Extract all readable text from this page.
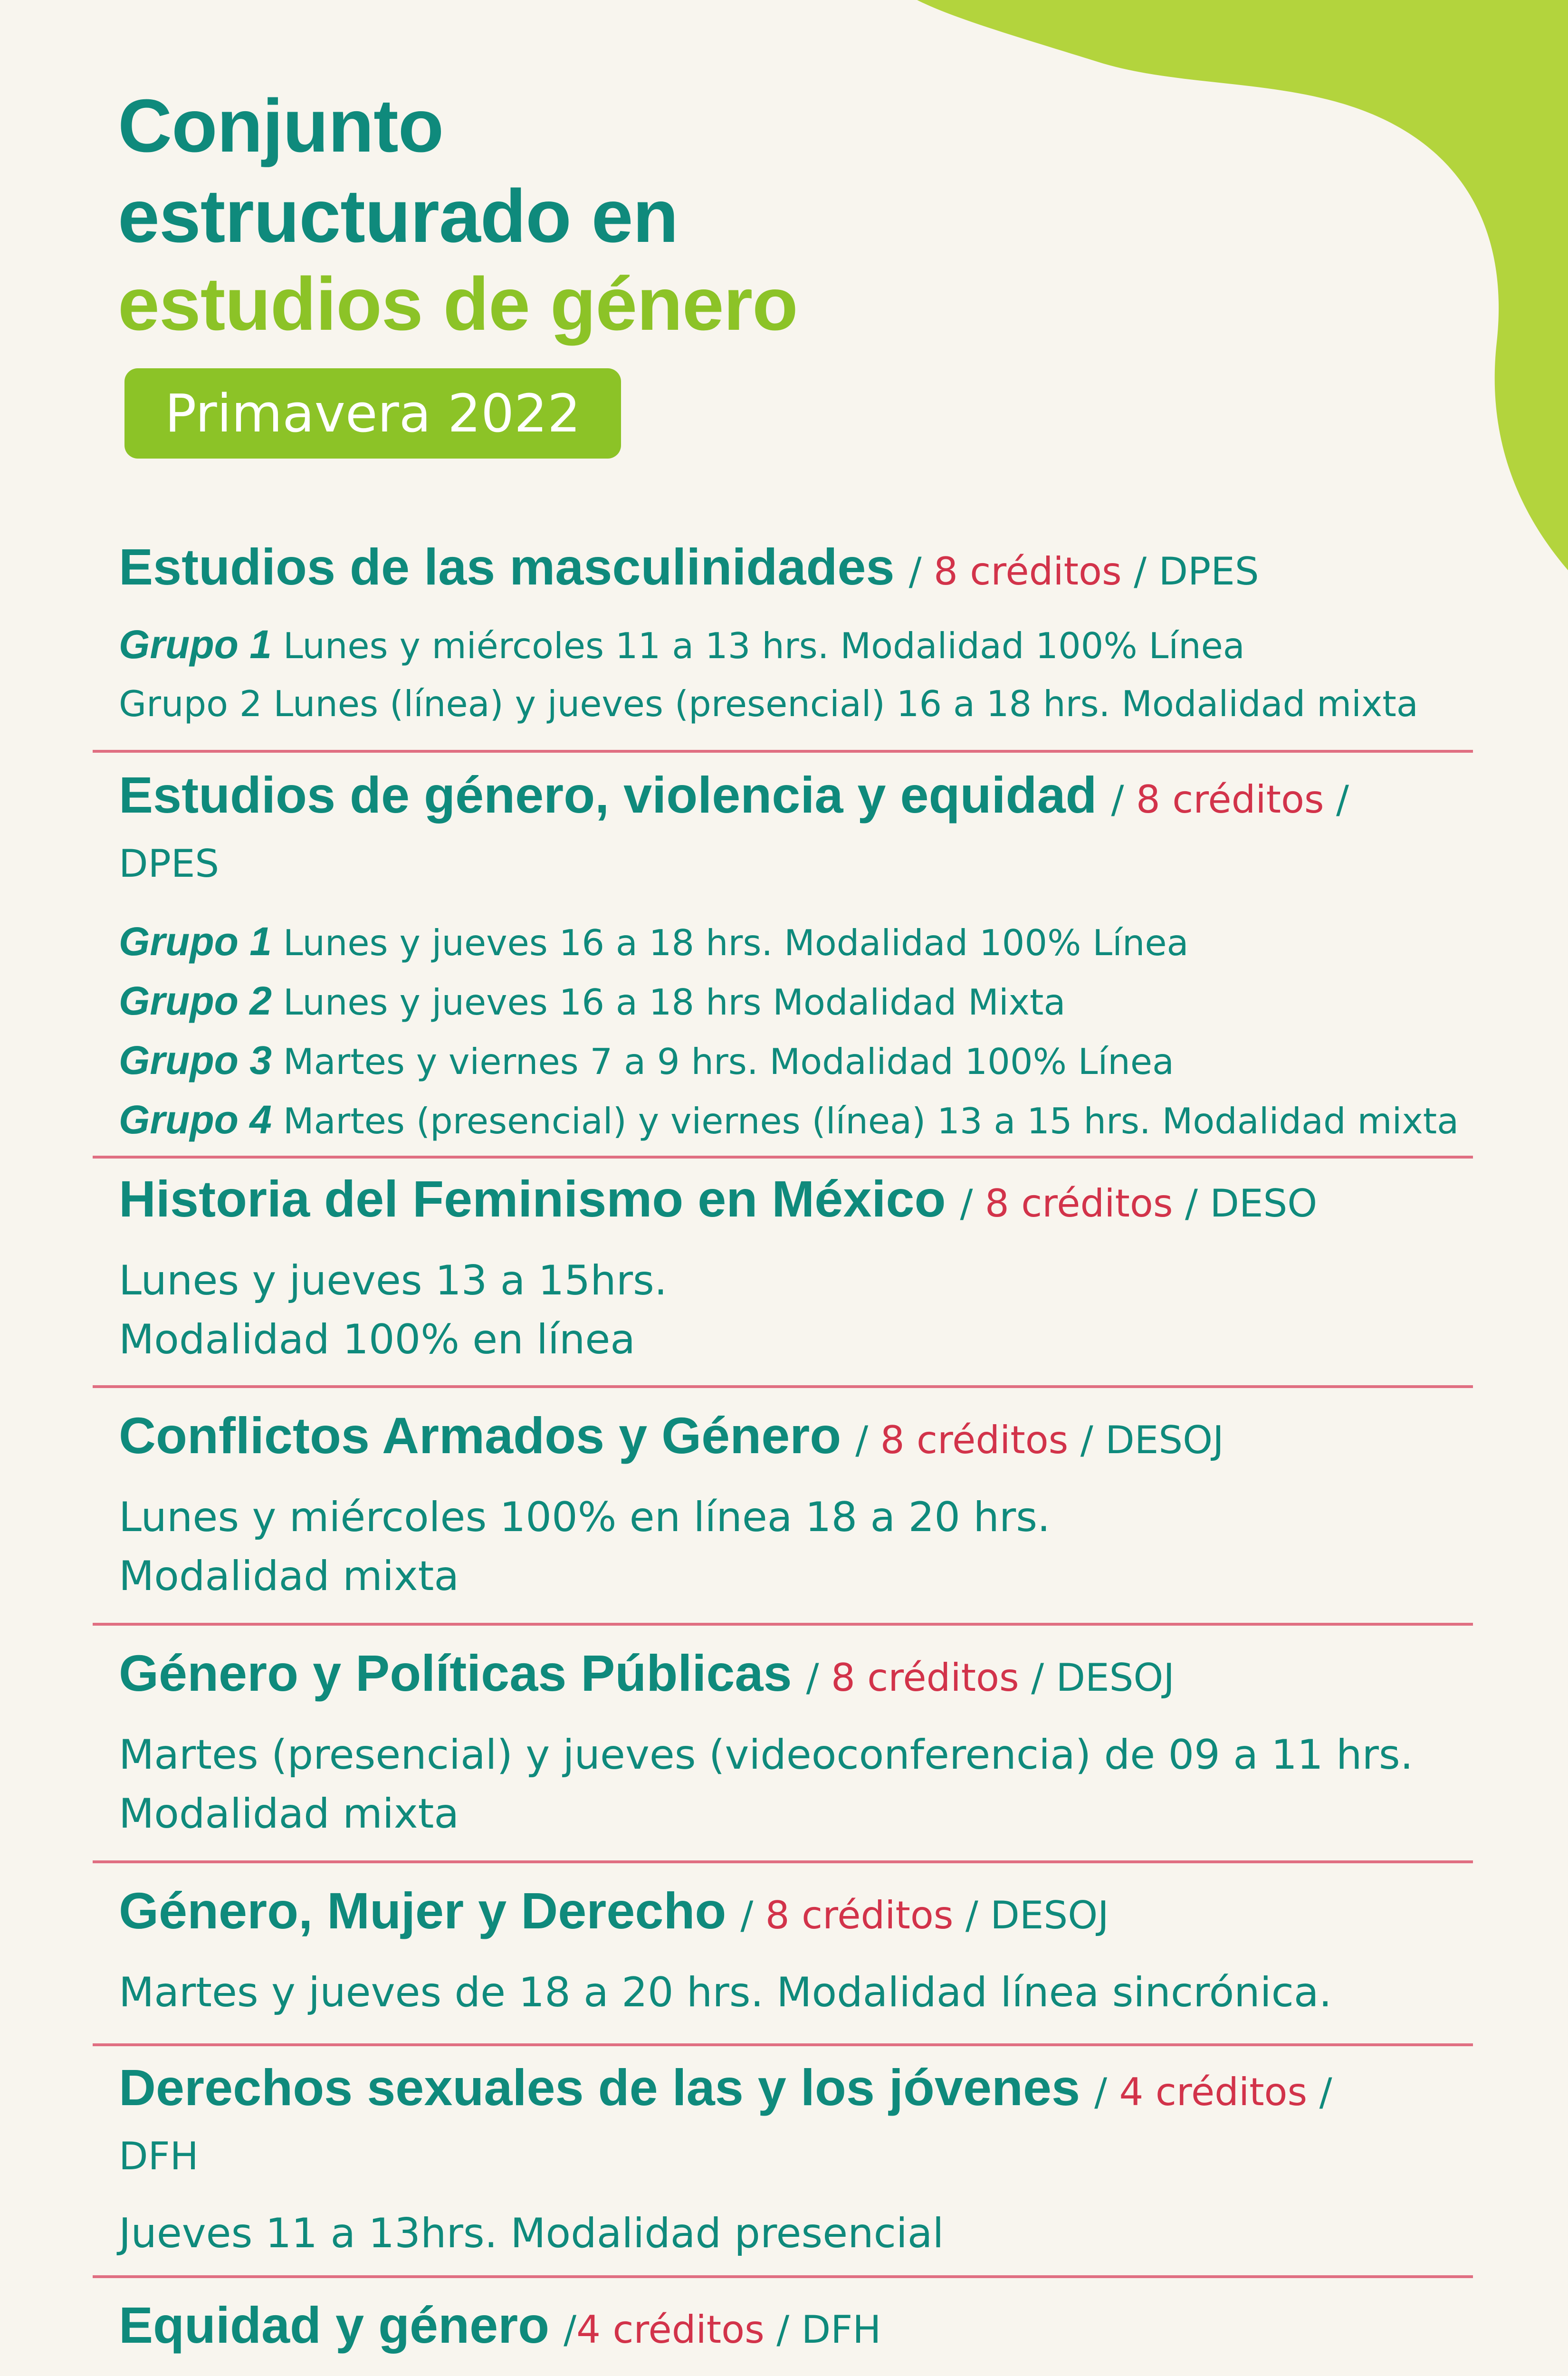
Conjunto
estructurado en
estudios de género
Primavera 2022
Estudios de las masculinidades / 8 créditos / DPES
Grupo 1 Lunes y miércoles 11 a 13 hrs. Modalidad 100% Línea
Grupo 2 Lunes (línea) y jueves (presencial) 16 a 18 hrs. Modalidad mixta
Estudios de género, violencia y equidad / 8 créditos /
DPES
Grupo 1 Lunes y jueves 16 a 18 hrs. Modalidad 100% Línea
Grupo 2 Lunes y jueves 16 a 18 hrs Modalidad Mixta
Grupo 3 Martes y viernes 7 a 9 hrs. Modalidad 100% Línea
Grupo 4 Martes (presencial) y viernes (línea) 13 a 15 hrs. Modalidad mixta
Historia del Feminismo en México / 8 créditos / DESO
Lunes y jueves 13 a 15hrs.
Modalidad 100% en línea
Conflictos Armados y Género / 8 créditos / DESOJ
Lunes y miércoles 100% en línea 18 a 20 hrs.
Modalidad mixta
Género y Políticas Públicas / 8 créditos / DESOJ
Martes (presencial) y jueves (videoconferencia) de 09 a 11 hrs.
Modalidad mixta
Género, Mujer y Derecho / 8 créditos / DESOJ
Martes y jueves de 18 a 20 hrs. Modalidad línea sincrónica.
Derechos sexuales de las y los jóvenes / 4 créditos /
DFH
Jueves 11 a 13hrs. Modalidad presencial
Equidad y género /4 créditos / DFH
